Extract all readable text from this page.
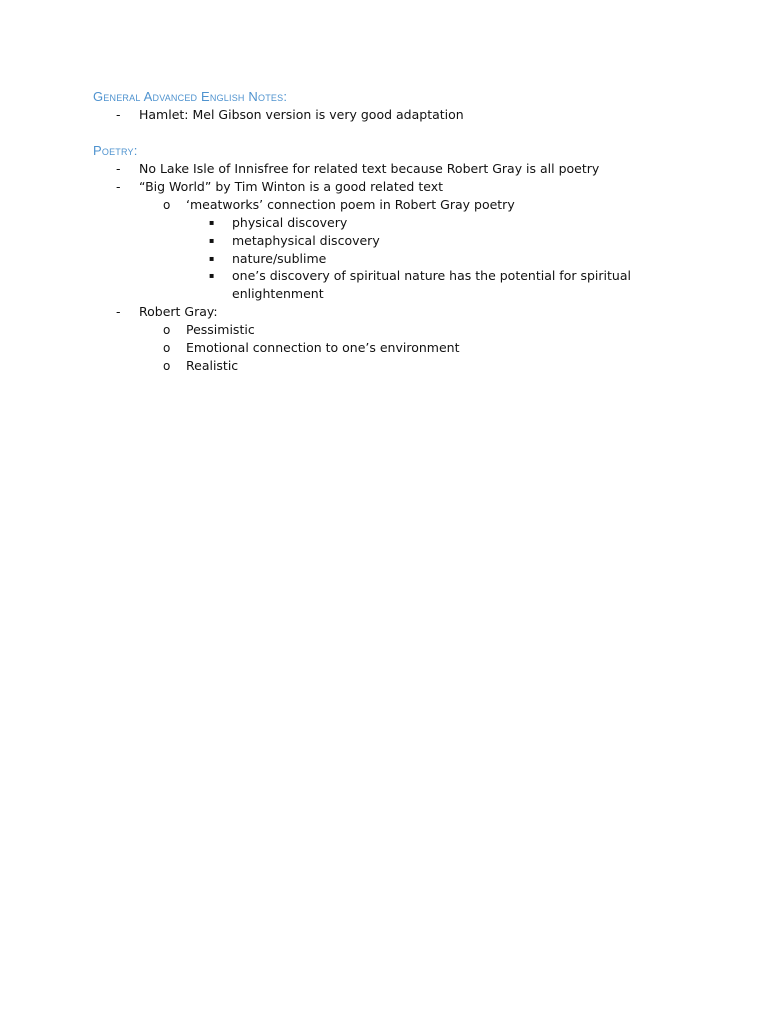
General Advanced English Notes:
- Hamlet: Mel Gibson version is very good adaptation
Poetry:
- No Lake Isle of Innisfree for related text because Robert Gray is all poetry
- “Big World” by Tim Winton is a good related text
o ‘meatworks’ connection poem in Robert Gray poetry
▪ physical discovery
▪ metaphysical discovery
▪ nature/sublime
▪ one’s discovery of spiritual nature has the potential for spiritual
enlightenment
- Robert Gray:
o Pessimistic
o Emotional connection to one’s environment
o Realistic
